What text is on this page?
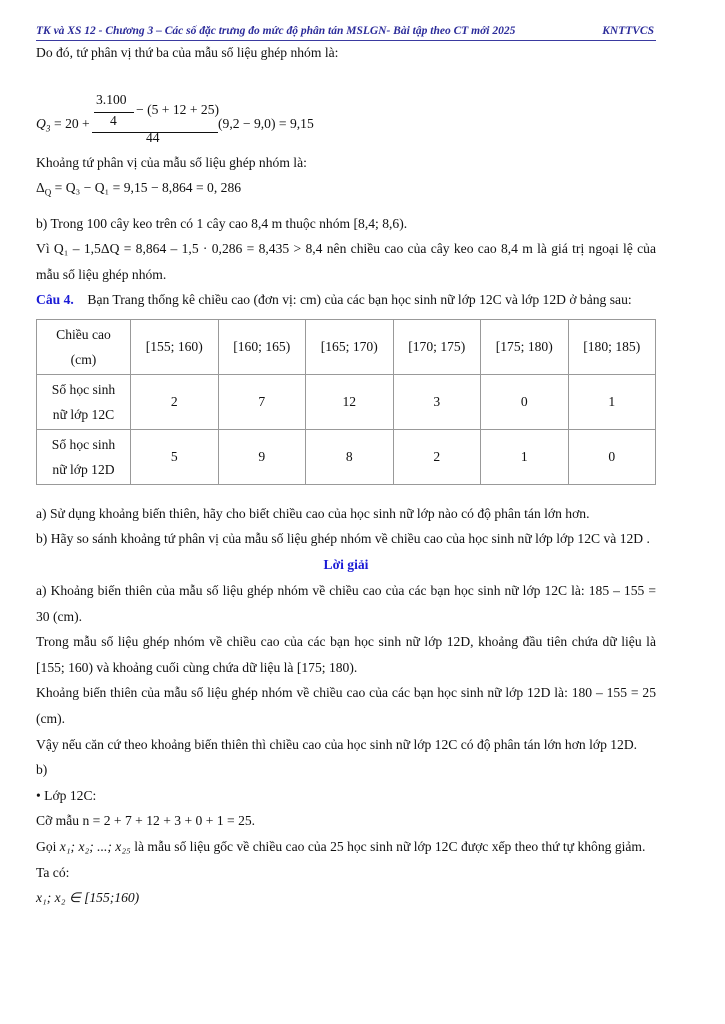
TK và XS 12 - Chương 3 – Các số đặc trưng đo mức độ phân tán MSLGN- Bài tập theo CT mới 2025	KNTTVCS
Do đó, tứ phân vị thứ ba của mẫu số liệu ghép nhóm là:
$Q_3 = 20$ +
3.100
4
− (5 + 12 + 25)
44
(9,2 − 9,0) = 9,15
Khoảng tứ phân vị của mẫu số liệu ghép nhóm là:
$\Delta_Q = Q_3 - Q_1 = 9,15 - 8,864 = 0$, 286
b) Trong 100 cây keo trên có 1 cây cao 8,4 m thuộc nhóm [8,4; 8,6).
Vì Q₁ – 1,5ΔQ = 8,864 – 1,5 · 0,286 = 8,435 > 8,4 nên chiều cao của cây keo cao 8,4 m là giá trị ngoại lệ của mẫu số liệu ghép nhóm.
Câu 4. Bạn Trang thống kê chiều cao (đơn vị: cm) của các bạn học sinh nữ lớp 12C và lớp 12D ở bảng sau:
Chiều cao
(cm)	[155; 160)	[160; 165)	[165; 170)	[170; 175)	[175; 180)	[180; 185)

Số học sinh
nữ lớp 12C	2	7	12	3	0	1

Số học sinh
nữ lớp 12D	5	9	8	2	1	0
a) Sử dụng khoảng biến thiên, hãy cho biết chiều cao của học sinh nữ lớp nào có độ phân tán lớn hơn.
b) Hãy so sánh khoảng tứ phân vị của mẫu số liệu ghép nhóm về chiều cao của học sinh nữ lớp lớp 12C và 12D .
Lời giải
a) Khoảng biến thiên của mẫu số liệu ghép nhóm về chiều cao của các bạn học sinh nữ lớp 12C là: 185 – 155 = 30 (cm).
Trong mẫu số liệu ghép nhóm về chiều cao của các bạn học sinh nữ lớp 12D, khoảng đầu tiên chứa dữ liệu là [155; 160) và khoảng cuối cùng chứa dữ liệu là [175; 180).
Khoảng biến thiên của mẫu số liệu ghép nhóm về chiều cao của các bạn học sinh nữ lớp 12D là: 180 – 155 = 25 (cm).
Vậy nếu căn cứ theo khoảng biến thiên thì chiều cao của học sinh nữ lớp 12C có độ phân tán lớn hơn lớp 12D.
b)
• Lớp 12C:
Cỡ mẫu n = 2 + 7 + 12 + 3 + 0 + 1 = 25.
Gọi x₁; x₂; ...; x₂₅ là mẫu số liệu gốc về chiều cao của 25 học sinh nữ lớp 12C được xếp theo thứ tự không giảm.
Ta có:
x₁; x₂ ∈ [155;160)
